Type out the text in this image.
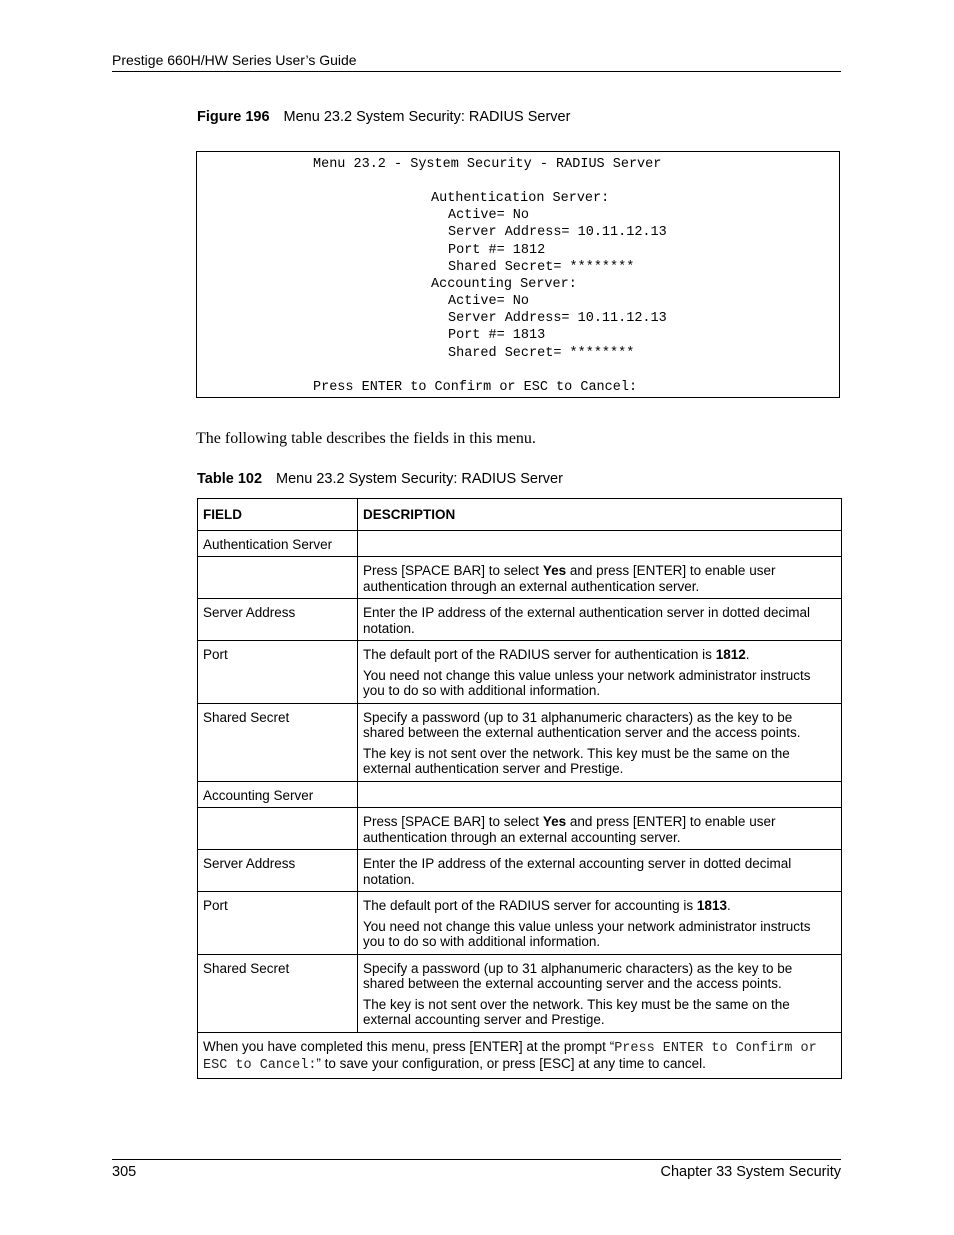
Prestige 660H/HW Series User’s Guide
Figure 196 Menu 23.2 System Security: RADIUS Server
Menu 23.2 - System Security - RADIUS Server
Authentication Server:
Active= No
Server Address= 10.11.12.13
Port #= 1812
Shared Secret= ********
Accounting Server:
Active= No
Server Address= 10.11.12.13
Port #= 1813
Shared Secret= ********
Press ENTER to Confirm or ESC to Cancel:
The following table describes the fields in this menu.
Table 102 Menu 23.2 System Security: RADIUS Server
FIELD	DESCRIPTION
Authentication Server	
	Press [SPACE BAR] to select Yes and press [ENTER] to enable user authentication through an external authentication server.
Server Address	Enter the IP address of the external authentication server in dotted decimal notation.
Port	The default port of the RADIUS server for authentication is 1812.
You need not change this value unless your network administrator instructs you to do so with additional information.

Shared Secret	Specify a password (up to 31 alphanumeric characters) as the key to be shared between the external authentication server and the access points.
The key is not sent over the network. This key must be the same on the external authentication server and Prestige.

Accounting Server	
	Press [SPACE BAR] to select Yes and press [ENTER] to enable user authentication through an external accounting server.
Server Address	Enter the IP address of the external accounting server in dotted decimal notation.
Port	The default port of the RADIUS server for accounting is 1813.
You need not change this value unless your network administrator instructs you to do so with additional information.

Shared Secret	Specify a password (up to 31 alphanumeric characters) as the key to be shared between the external accounting server and the access points.
The key is not sent over the network. This key must be the same on the external accounting server and Prestige.

When you have completed this menu, press [ENTER] at the prompt “Press ENTER to Confirm or ESC to Cancel:” to save your configuration, or press [ESC] at any time to cancel.	
305	Chapter 33 System Security
